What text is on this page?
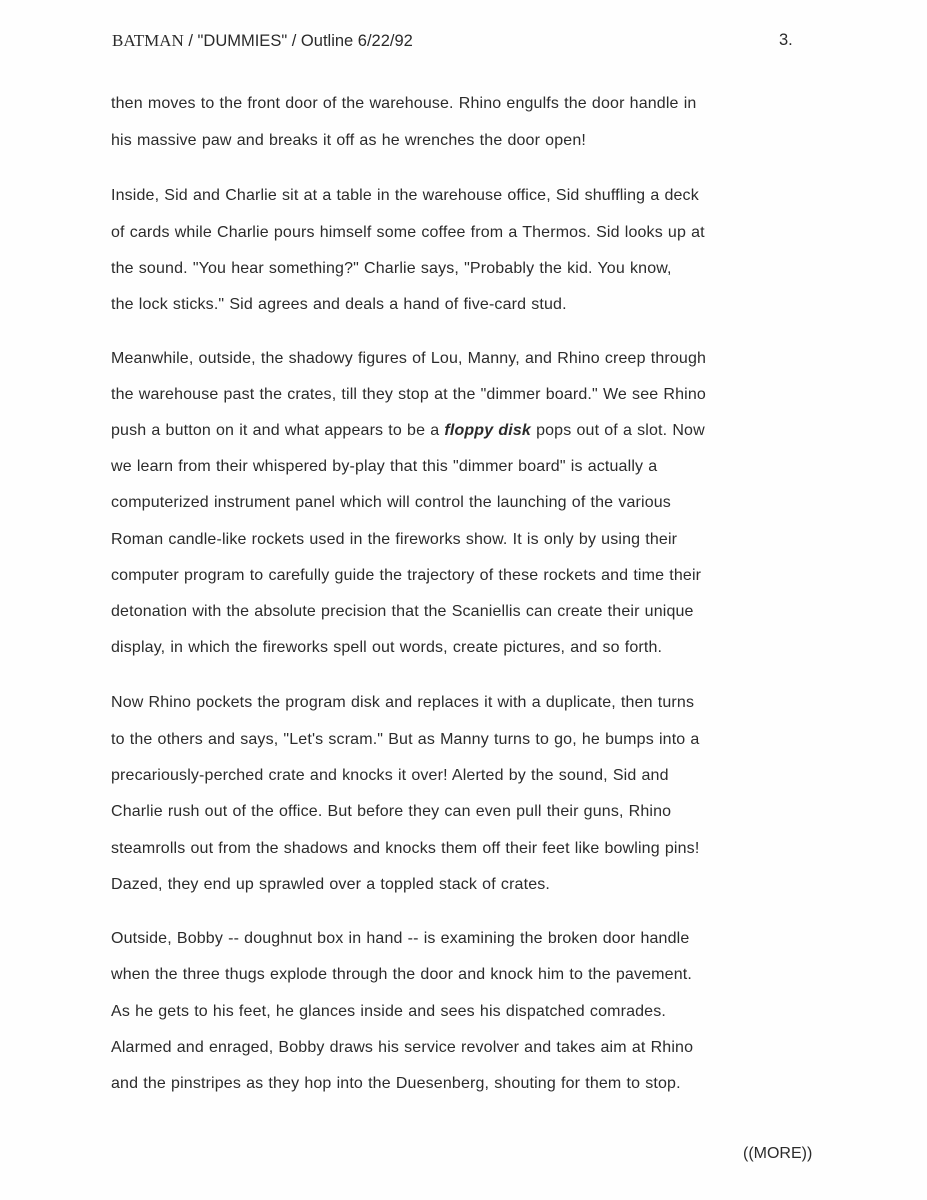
BATMAN / "DUMMIES" / Outline 6/22/92	3.
then moves to the front door of the warehouse. Rhino engulfs the door handle in
his massive paw and breaks it off as he wrenches the door open!
Inside, Sid and Charlie sit at a table in the warehouse office, Sid shuffling a deck
of cards while Charlie pours himself some coffee from a Thermos. Sid looks up at
the sound. "You hear something?" Charlie says, "Probably the kid. You know,
the lock sticks." Sid agrees and deals a hand of five-card stud.
Meanwhile, outside, the shadowy figures of Lou, Manny, and Rhino creep through
the warehouse past the crates, till they stop at the "dimmer board." We see Rhino
push a button on it and what appears to be a floppy disk pops out of a slot. Now
we learn from their whispered by-play that this "dimmer board" is actually a
computerized instrument panel which will control the launching of the various
Roman candle-like rockets used in the fireworks show. It is only by using their
computer program to carefully guide the trajectory of these rockets and time their
detonation with the absolute precision that the Scaniellis can create their unique
display, in which the fireworks spell out words, create pictures, and so forth.
Now Rhino pockets the program disk and replaces it with a duplicate, then turns
to the others and says, "Let's scram." But as Manny turns to go, he bumps into a
precariously-perched crate and knocks it over! Alerted by the sound, Sid and
Charlie rush out of the office. But before they can even pull their guns, Rhino
steamrolls out from the shadows and knocks them off their feet like bowling pins!
Dazed, they end up sprawled over a toppled stack of crates.
Outside, Bobby -- doughnut box in hand -- is examining the broken door handle
when the three thugs explode through the door and knock him to the pavement.
As he gets to his feet, he glances inside and sees his dispatched comrades.
Alarmed and enraged, Bobby draws his service revolver and takes aim at Rhino
and the pinstripes as they hop into the Duesenberg, shouting for them to stop.
((MORE))
